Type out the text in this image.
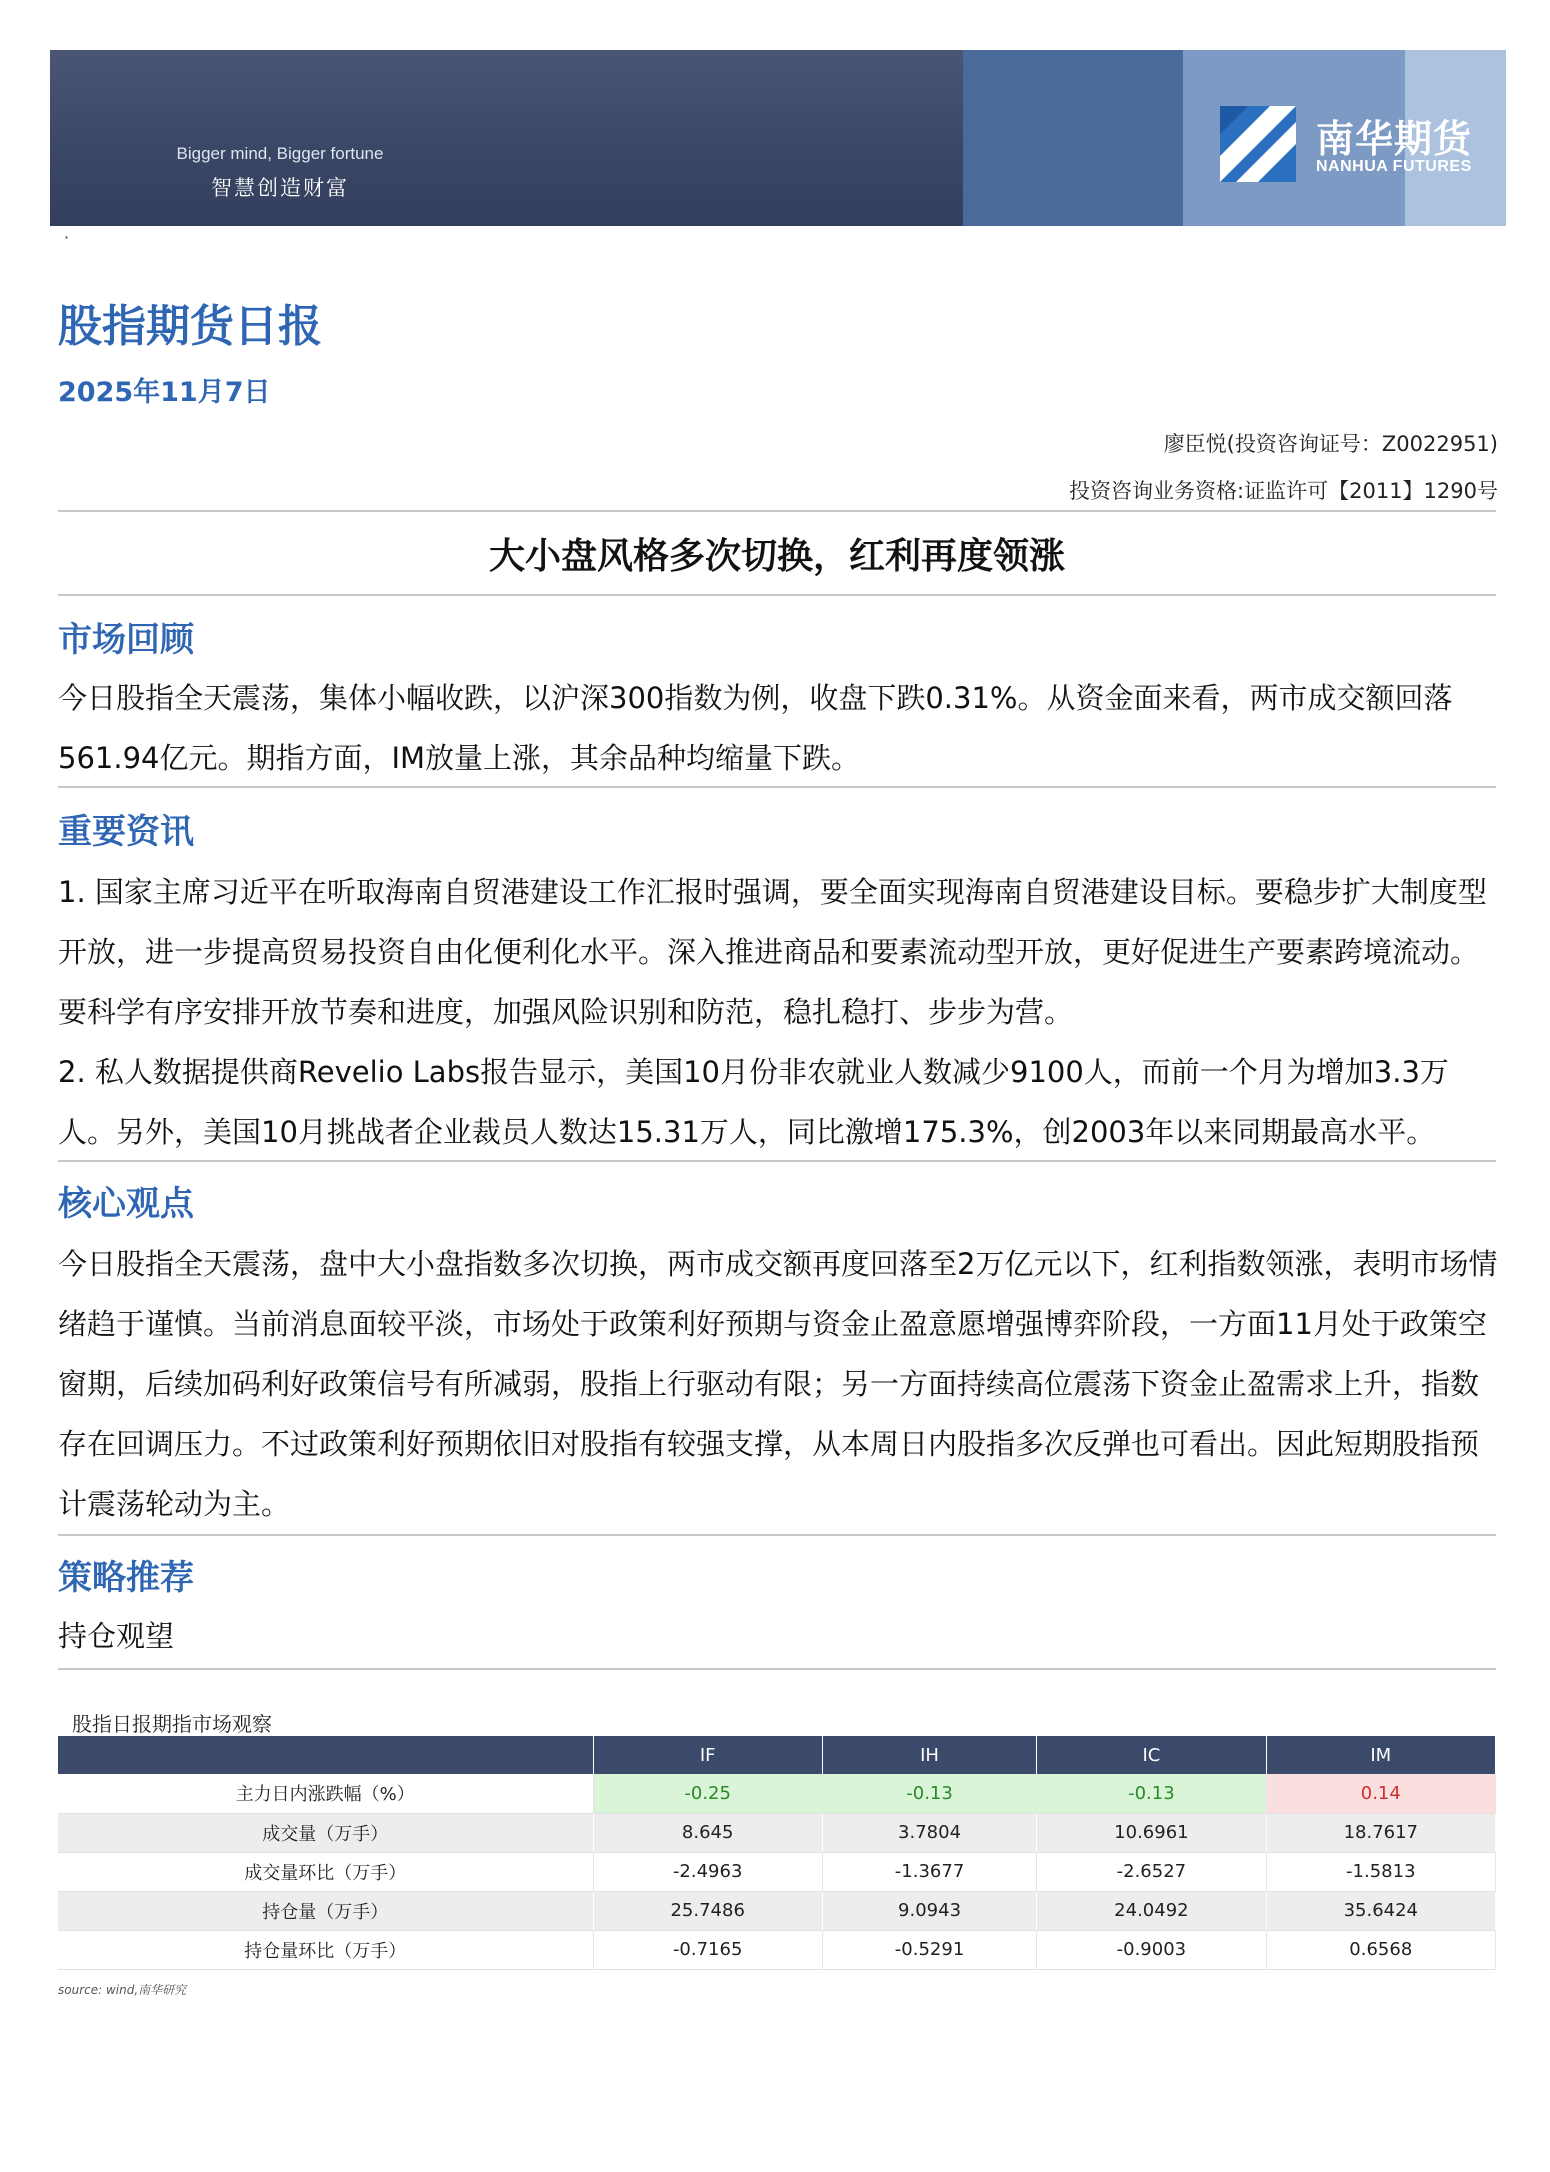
Bigger mind, Bigger fortune
智慧创造财富
南华期货
NANHUA FUTURES
·
股指期货日报
2025年11月7日
廖臣悦(投资咨询证号：Z0022951)
投资咨询业务资格:证监许可【2011】1290号
大小盘风格多次切换，红利再度领涨
市场回顾
今日股指全天震荡，集体小幅收跌，以沪深300指数为例，收盘下跌0.31%。从资金面来看，两市成交额回落561.94亿元。期指方面，IM放量上涨，其余品种均缩量下跌。
重要资讯
1. 国家主席习近平在听取海南自贸港建设工作汇报时强调，要全面实现海南自贸港建设目标。要稳步扩大制度型开放，进一步提高贸易投资自由化便利化水平。深入推进商品和要素流动型开放，更好促进生产要素跨境流动。要科学有序安排开放节奏和进度，加强风险识别和防范，稳扎稳打、步步为营。
2. 私人数据提供商Revelio Labs报告显示，美国10月份非农就业人数减少9100人，而前一个月为增加3.3万人。另外，美国10月挑战者企业裁员人数达15.31万人，同比激增175.3%，创2003年以来同期最高水平。
核心观点
今日股指全天震荡，盘中大小盘指数多次切换，两市成交额再度回落至2万亿元以下，红利指数领涨，表明市场情绪趋于谨慎。当前消息面较平淡，市场处于政策利好预期与资金止盈意愿增强博弈阶段，一方面11月处于政策空窗期，后续加码利好政策信号有所减弱，股指上行驱动有限；另一方面持续高位震荡下资金止盈需求上升，指数存在回调压力。不过政策利好预期依旧对股指有较强支撑，从本周日内股指多次反弹也可看出。因此短期股指预计震荡轮动为主。
策略推荐
持仓观望
股指日报期指市场观察
	IF	IH	IC	IM
主力日内涨跌幅（%）	-0.25	-0.13	-0.13	0.14
成交量（万手）	8.645	3.7804	10.6961	18.7617
成交量环比（万手）	-2.4963	-1.3677	-2.6527	-1.5813
持仓量（万手）	25.7486	9.0943	24.0492	35.6424
持仓量环比（万手）	-0.7165	-0.5291	-0.9003	0.6568
source: wind,南华研究
